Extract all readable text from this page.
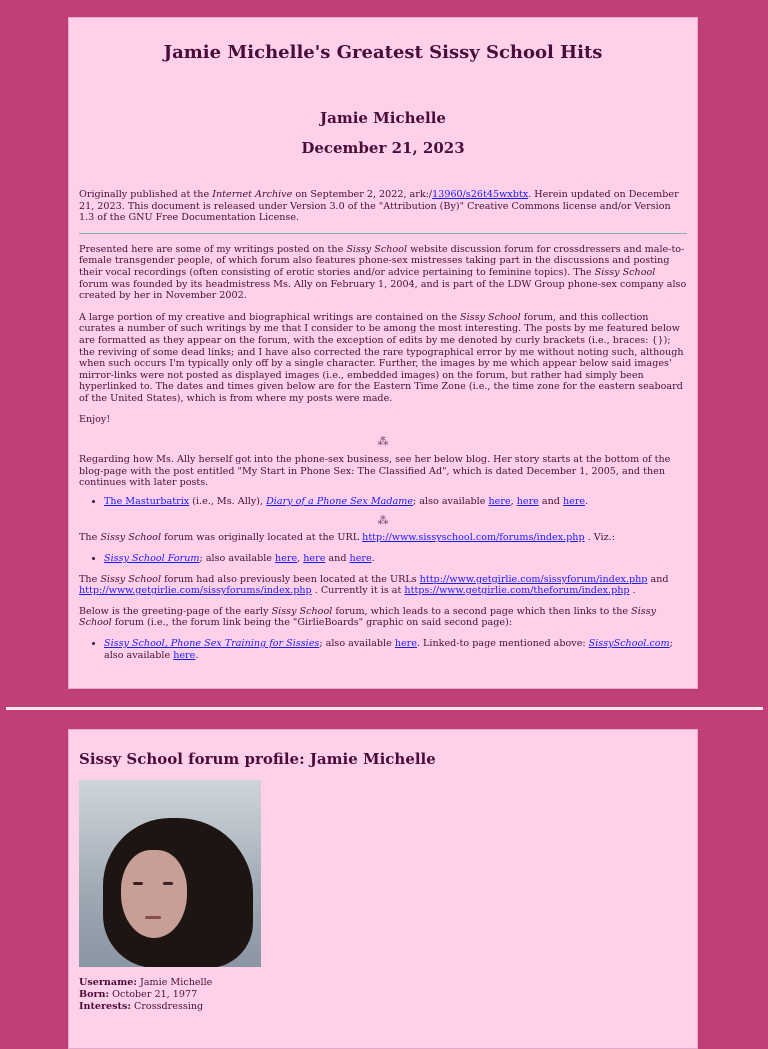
Jamie Michelle's Greatest Sissy School Hits
Jamie Michelle
December 21, 2023

Originally published at the Internet Archive on September 2, 2022, ark:/13960/s26t45wxbtx. Herein updated on December 21, 2023. This document is released under Version 3.0 of the "Attribution (By)" Creative Commons license and/or Version 1.3 of the GNU Free Documentation License.

Presented here are some of my writings posted on the Sissy School website discussion forum for crossdressers and male-to-female transgender people, of which forum also features phone-sex mistresses taking part in the discussions and posting their vocal recordings (often consisting of erotic stories and/or advice pertaining to feminine topics). The Sissy School forum was founded by its headmistress Ms. Ally on February 1, 2004, and is part of the LDW Group phone-sex company also created by her in November 2002.

A large portion of my creative and biographical writings are contained on the Sissy School forum, and this collection curates a number of such writings by me that I consider to be among the most interesting. The posts by me featured below are formatted as they appear on the forum, with the exception of edits by me denoted by curly brackets (i.e., braces: {}); the reviving of some dead links; and I have also corrected the rare typographical error by me without noting such, although when such occurs I'm typically only off by a single character. Further, the images by me which appear below said images' mirror-links were not posted as displayed images (i.e., embedded images) on the forum, but rather had simply been hyperlinked to. The dates and times given below are for the Eastern Time Zone (i.e., the time zone for the eastern seaboard of the United States), which is from where my posts were made.

Enjoy!

⁂

Regarding how Ms. Ally herself got into the phone-sex business, see her below blog. Her story starts at the bottom of the blog-page with the post entitled "My Start in Phone Sex: The Classified Ad", which is dated December 1, 2005, and then continues with later posts.

• The Masturbatrix (i.e., Ms. Ally), Diary of a Phone Sex Madame; also available here, here and here.
⁂

The Sissy School forum was originally located at the URL http://www.sissyschool.com/forums/index.php . Viz.:

• Sissy School Forum; also available here, here and here.

The Sissy School forum had also previously been located at the URLs http://www.getgirlie.com/sissyforum/index.php and http://www.getgirlie.com/sissyforums/index.php . Currently it is at https://www.getgirlie.com/theforum/index.php .

Below is the greeting-page of the early Sissy School forum, which leads to a second page which then links to the Sissy School forum (i.e., the forum link being the "GirlieBoards" graphic on said second page):

• Sissy School, Phone Sex Training for Sissies; also available here. Linked-to page mentioned above: SissySchool.com; also available here.
Sissy School forum profile: Jamie Michelle
Username: Jamie Michelle
Born: October 21, 1977
Interests: Crossdressing
